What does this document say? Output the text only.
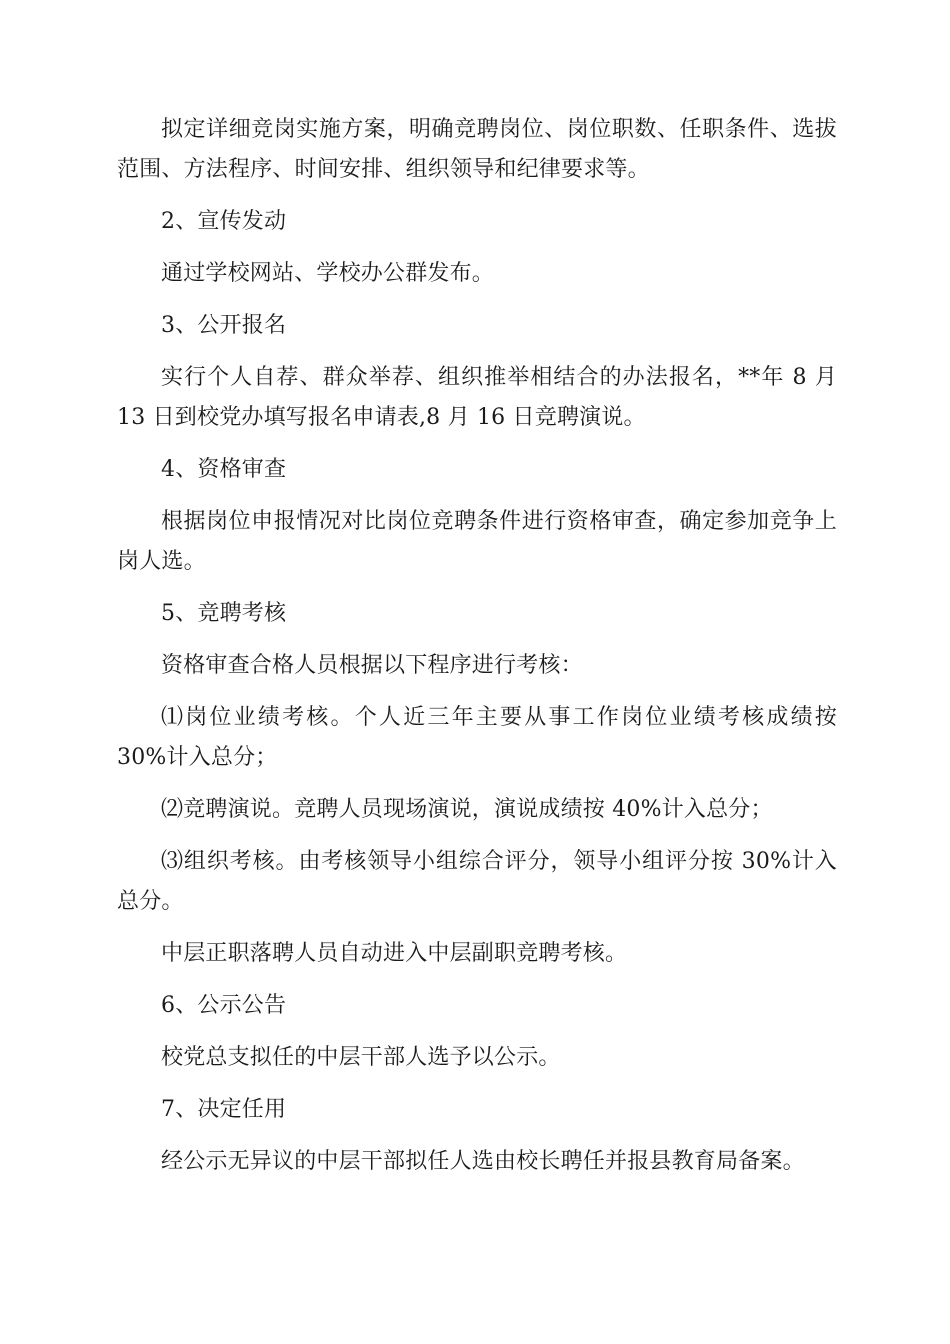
拟定详细竞岗实施方案，明确竞聘岗位、岗位职数、任职条件、选拔范围、方法程序、时间安排、组织领导和纪律要求等。

2、宣传发动

通过学校网站、学校办公群发布。

3、公开报名

实行个人自荐、群众举荐、组织推举相结合的办法报名，**年 8 月 13 日到校党办填写报名申请表,8 月 16 日竞聘演说。

4、资格审查

根据岗位申报情况对比岗位竞聘条件进行资格审查，确定参加竞争上岗人选。

5、竞聘考核

资格审查合格人员根据以下程序进行考核：

⑴岗位业绩考核。个人近三年主要从事工作岗位业绩考核成绩按 30%计入总分；

⑵竞聘演说。竞聘人员现场演说，演说成绩按 40%计入总分；

⑶组织考核。由考核领导小组综合评分，领导小组评分按 30%计入总分。

中层正职落聘人员自动进入中层副职竞聘考核。

6、公示公告

校党总支拟任的中层干部人选予以公示。

7、决定任用

经公示无异议的中层干部拟任人选由校长聘任并报县教育局备案。
